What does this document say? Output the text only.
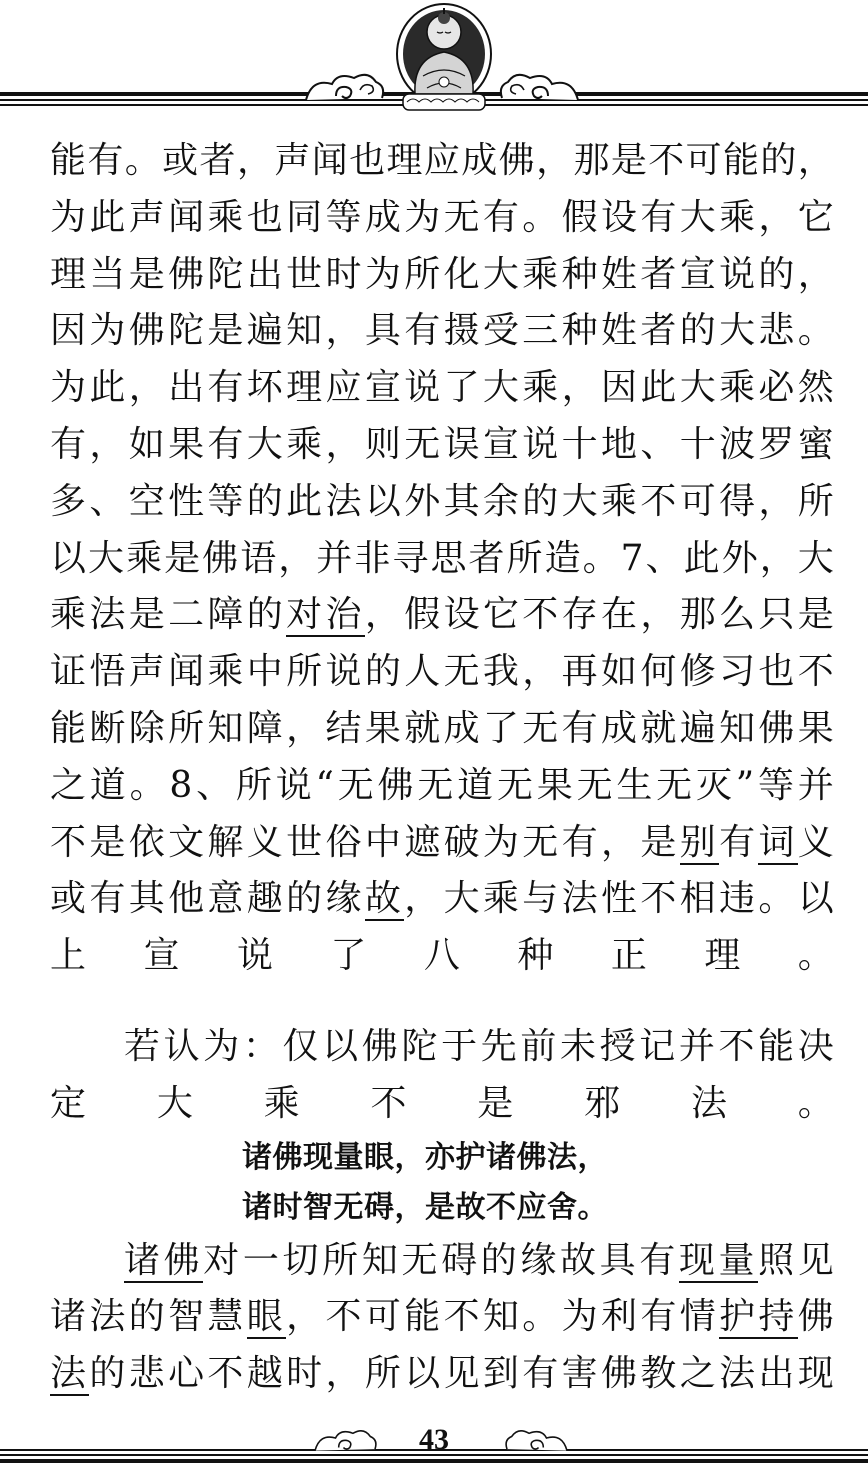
能有。或者，声闻也理应成佛，那是不可能的，
为此声闻乘也同等成为无有。假设有大乘，它
理当是佛陀出世时为所化大乘种姓者宣说的，
因为佛陀是遍知，具有摄受三种姓者的大悲。
为此，出有坏理应宣说了大乘，因此大乘必然
有，如果有大乘，则无误宣说十地、十波罗蜜
多、空性等的此法以外其余的大乘不可得，所
以大乘是佛语，并非寻思者所造。7、此外，大
乘法是二障的对治，假设它不存在，那么只是
证悟声闻乘中所说的人无我，再如何修习也不
能断除所知障，结果就成了无有成就遍知佛果
之道。8、所说“无佛无道无果无生无灭”等并
不是依文解义世俗中遮破为无有，是别有词义
或有其他意趣的缘故，大乘与法性不相违。以
上宣说了八种正理。
若认为：仅以佛陀于先前未授记并不能决
定大乘不是邪法。
诸佛现量眼，亦护诸佛法，
诸时智无碍，是故不应舍。
诸佛对一切所知无碍的缘故具有现量照见
诸法的智慧眼，不可能不知。为利有情护持佛
法的悲心不越时，所以见到有害佛教之法出现
43
